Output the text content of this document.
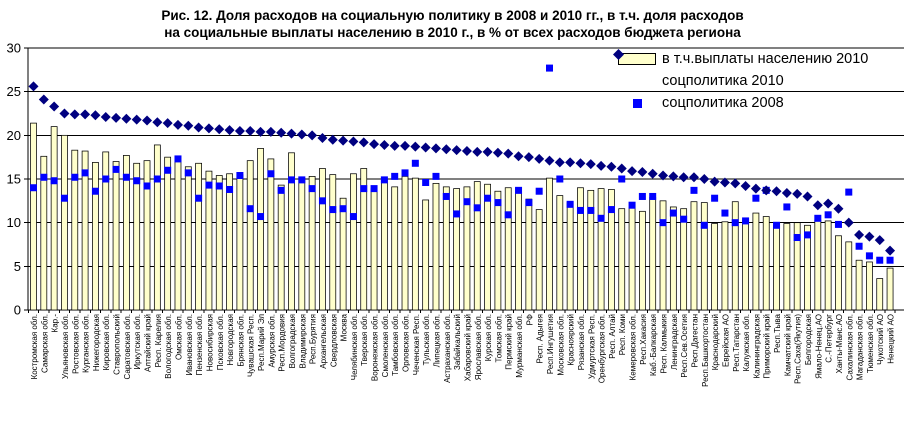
Рис. 12. Доля расходов на социальную политику в 2008 и 2010 гг., в т.ч. доля расходов
на социальные выплаты населению в 2010 г., в % от всех расходов бюджета региона
0
5
10
15
20
25
30
Костромская обл. Самарская обл. Кар.- Ульяновская обл. Ростовская обл. Курганская обл. Нижегородская Кировская обл. Ставропольский Саратовская обл. Иркутская обл. Алтайский край Респ. Карелия Вологодская обл. Омская обл. Ивановская обл. Пензенская обл. Новосибирская Псковская обл. Новгородская Брянская обл. Чувашская Респ. Респ.Марий Эл Амурская обл. Респ.Мордовия Волгоградская Владимирская Респ.Бурятия Архангельская Свердловская Москва Челябинская обл. Тверская обл. Воронежская обл. Смоленская обл. Тамбовская обл. Орловская обл. Чеченская Респ. Тульская обл. Липецкая обл. Астраханская обл. Забайкальский Хабаровский край Ярославская обл. Курская обл. Томская обл. Пермский край Мурманская обл. РФ Респ. Адыгея Респ.Ингушетия Московская обл. Красноярский Рязанская обл. Удмуртская Респ. Оренбургская обл. Респ. Алтай Респ. Коми Кемеровская обл. Респ.Хакасия Каб.-Балкарская Респ. Калмыкия Ленинградская Респ.Сев.Осетия Респ.Дагестан Респ.Башкортостан Краснодарский Еврейская АО Респ.Татарстан Калужская обл. Калининградская Приморский край Респ.Тыва Камчатский край Респ.Саха(Якутия) Белгородская Ямало-Ненец.АО С.-Петербург Ханты-Манс.АО Сахалинская обл. Магаданская обл. Тюменская обл. Чукотский АО Ненецкий АО
в т.ч.выплаты населению 2010
соцполитика 2010
соцполитика 2008
